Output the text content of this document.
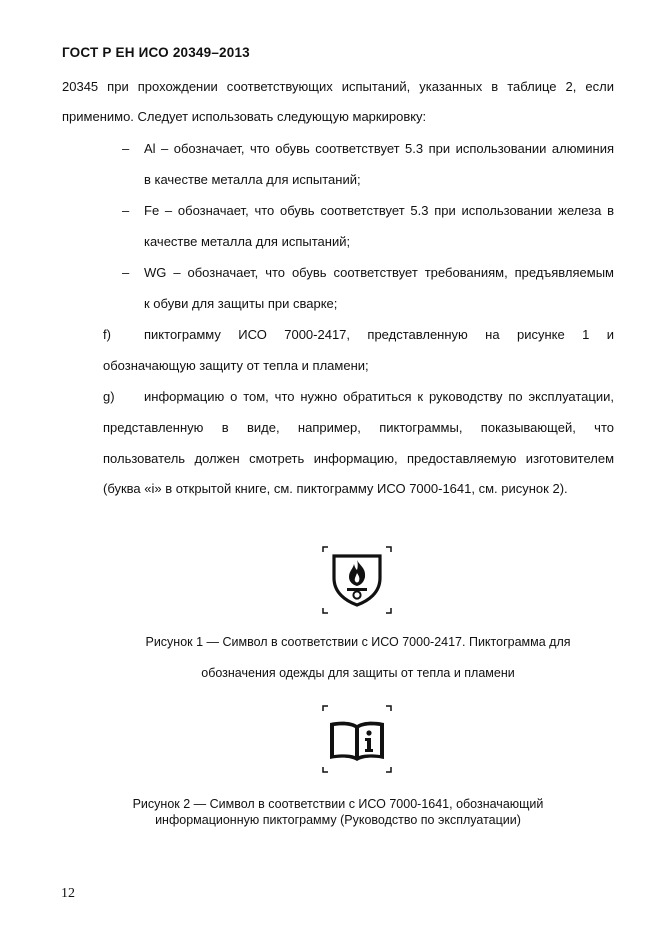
ГОСТ Р ЕН ИСО 20349–2013
20345 при прохождении соответствующих испытаний, указанных в таблице 2, если
применимо. Следует использовать следующую маркировку:
– Al – обозначает, что обувь соответствует 5.3 при использовании алюминия
в качестве металла для испытаний;
– Fe – обозначает, что обувь соответствует 5.3 при использовании железа в
качестве металла для испытаний;
– WG – обозначает, что обувь соответствует требованиям, предъявляемым
к обуви для защиты при сварке;
f)	пиктограмму ИСО 7000-2417, представленную на рисунке 1 и
обозначающую защиту от тепла и пламени;
g) информацию о том, что нужно обратиться к руководству по эксплуатации,
представленную в виде, например, пиктограммы, показывающей, что
пользователь должен смотреть информацию, предоставляемую изготовителем
(буква «i» в открытой книге, см. пиктограмму ИСО 7000-1641, см. рисунок 2).
Рисунок 1 — Символ в соответствии с ИСО 7000-2417. Пиктограмма для
обозначения одежды для защиты от тепла и пламени
Рисунок 2 — Символ в соответствии с ИСО 7000-1641, обозначающий
информационную пиктограмму (Руководство по эксплуатации)
12
